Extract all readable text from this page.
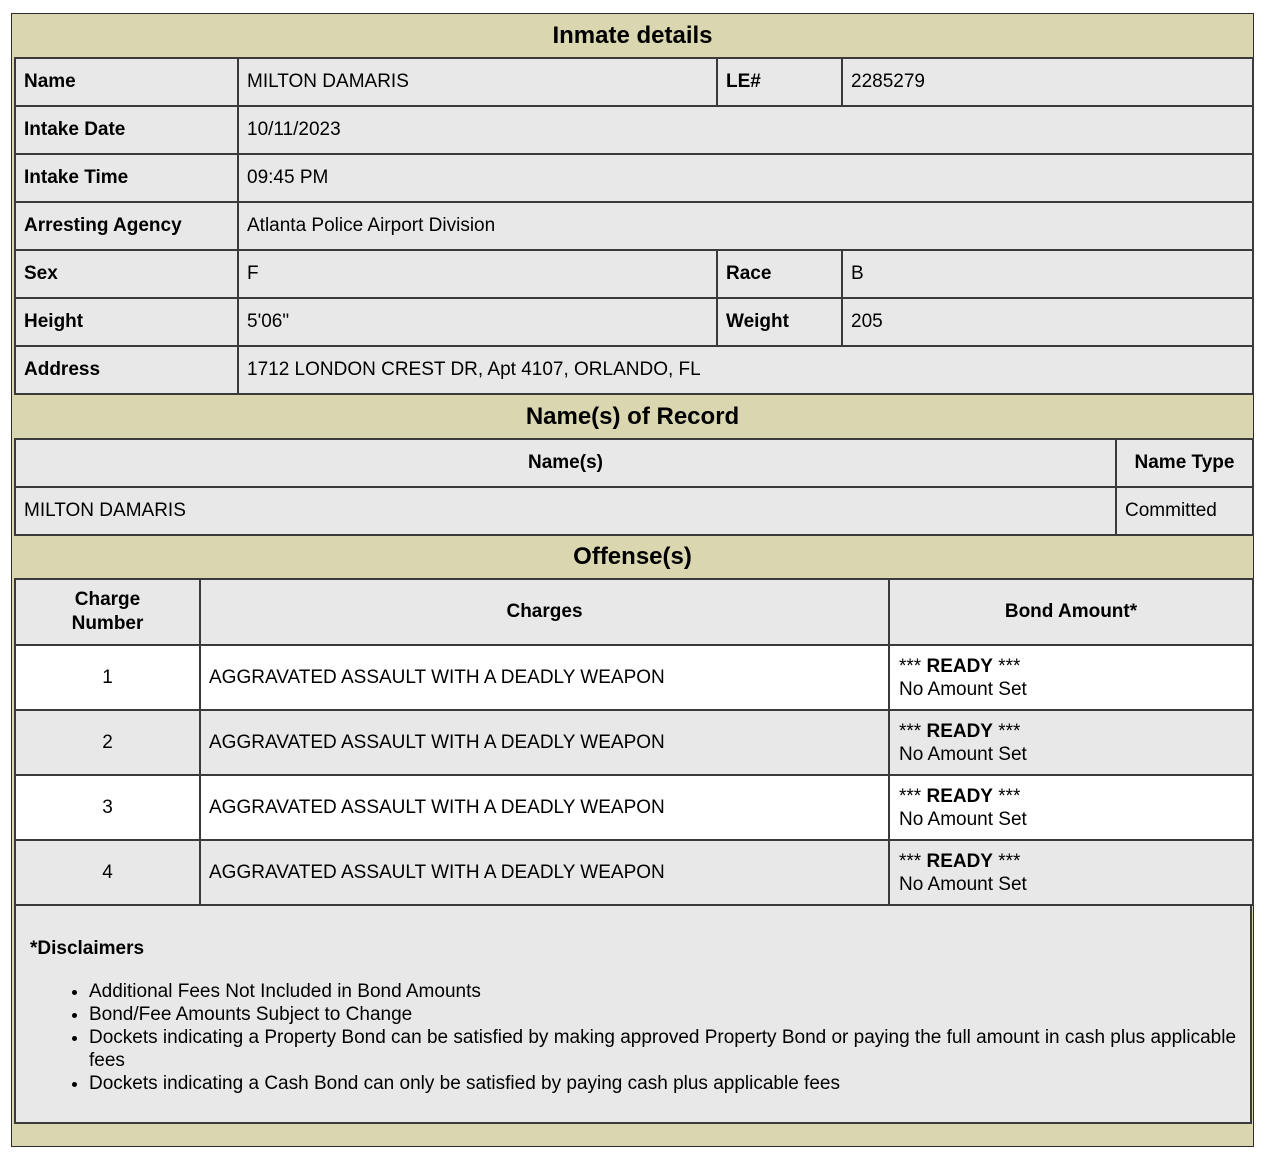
Inmate details
Name	MILTON DAMARIS	LE#	2285279
Intake Date	10/11/2023		
Intake Time	09:45 PM		
Arresting Agency	Atlanta Police Airport Division		
Sex	F	Race	B
Height	5'06"	Weight	205
Address	1712 LONDON CREST DR, Apt 4107, ORLANDO, FL		
Name(s) of Record
Name(s)	Name Type
MILTON DAMARIS	Committed
Offense(s)
Charge
Number	Charges	Bond Amount*
1	AGGRAVATED ASSAULT WITH A DEADLY WEAPON	*** READY ***
No Amount Set
2	AGGRAVATED ASSAULT WITH A DEADLY WEAPON	*** READY ***
No Amount Set
3	AGGRAVATED ASSAULT WITH A DEADLY WEAPON	*** READY ***
No Amount Set
4	AGGRAVATED ASSAULT WITH A DEADLY WEAPON	*** READY ***
No Amount Set
*Disclaimers
• Additional Fees Not Included in Bond Amounts
• Bond/Fee Amounts Subject to Change
• Dockets indicating a Property Bond can be satisfied by making approved Property Bond or paying the full amount in cash plus applicable fees
• Dockets indicating a Cash Bond can only be satisfied by paying cash plus applicable fees
